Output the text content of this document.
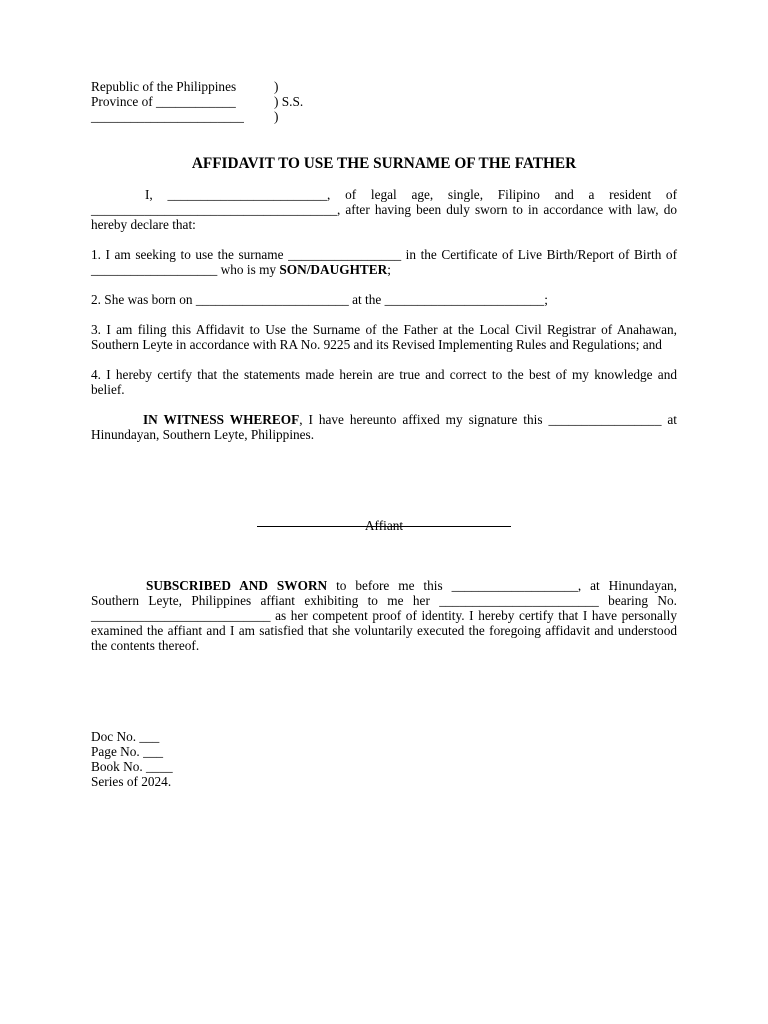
Republic of the Philippines
Province of ____________
_______________________
)
) S.S.
)
AFFIDAVIT TO USE THE SURNAME OF THE FATHER

I, ________________________, of legal age, single, Filipino and a resident of _____________________________________, after having been duly sworn to in accordance with law, do hereby declare that:

1. I am seeking to use the surname _________________ in the Certificate of Live Birth/Report of Birth of ___________________ who is my SON/DAUGHTER;

2. She was born on _______________________ at the ________________________;

3. I am filing this Affidavit to Use the Surname of the Father at the Local Civil Registrar of Anahawan, Southern Leyte in accordance with RA No. 9225 and its Revised Implementing Rules and Regulations; and

4. I hereby certify that the statements made herein are true and correct to the best of my knowledge and belief.

IN WITNESS WHEREOF, I have hereunto affixed my signature this _________________ at Hinundayan, Southern Leyte, Philippines.

Affiant

SUBSCRIBED AND SWORN to before me this ___________________, at Hinundayan, Southern Leyte, Philippines affiant exhibiting to me her ________________________ bearing No. ___________________________ as her competent proof of identity. I hereby certify that I have personally examined the affiant and I am satisfied that she voluntarily executed the foregoing affidavit and understood the contents thereof.

Doc No. ___
Page No. ___
Book No. ____
Series of 2024.
